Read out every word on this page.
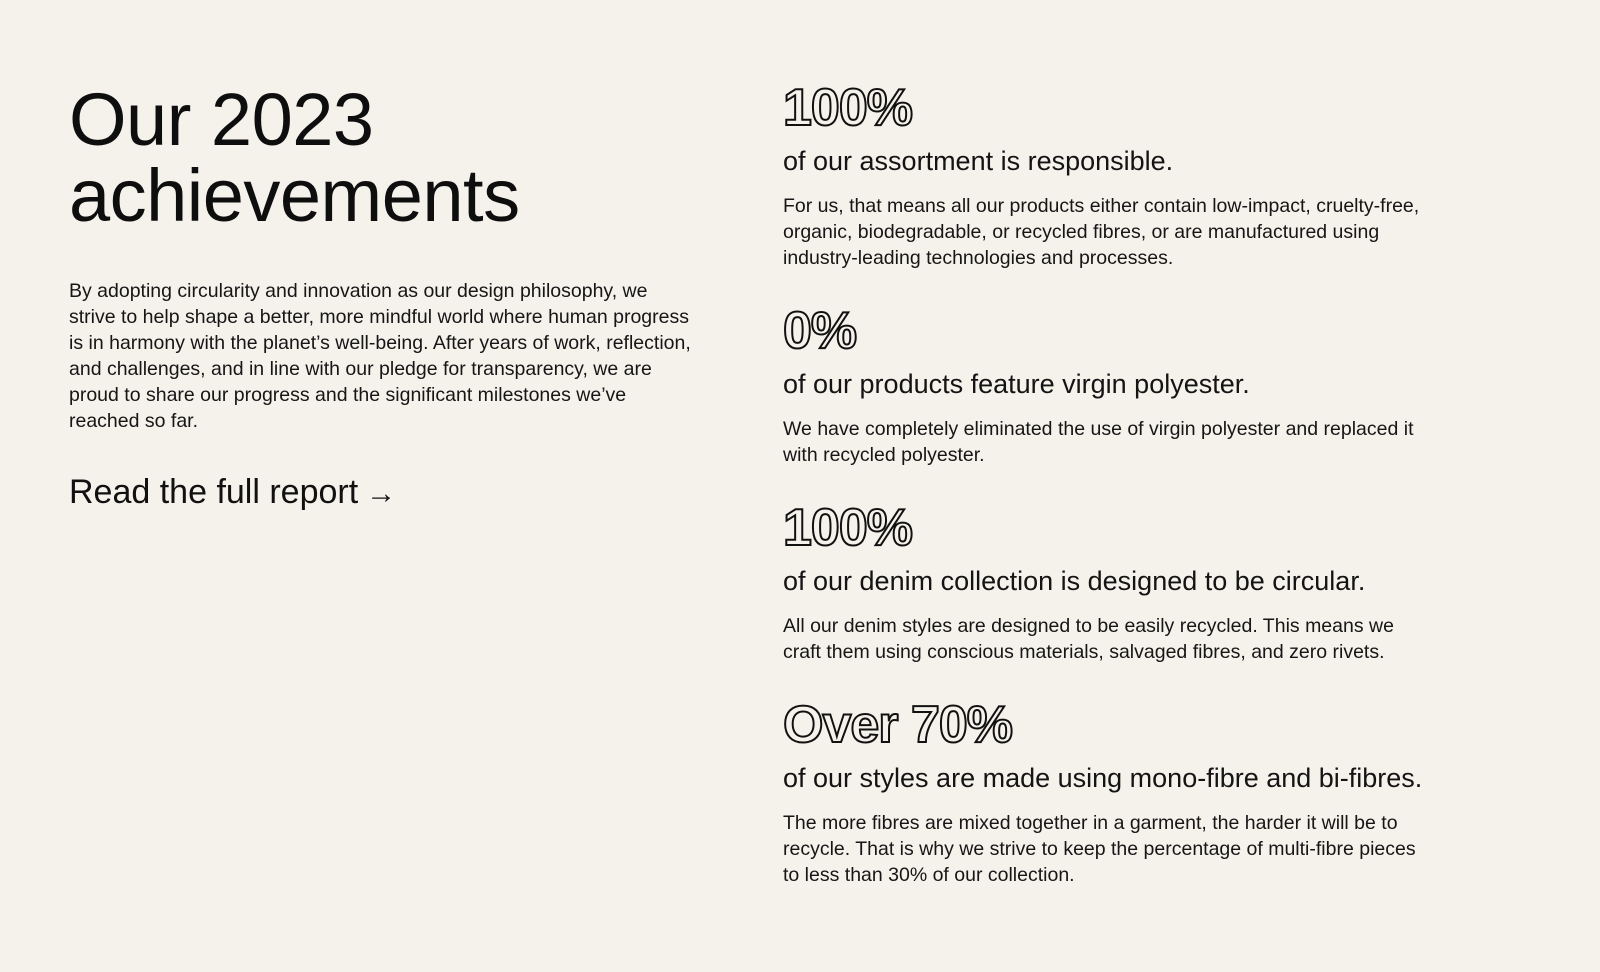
Our 2023
achievements

By adopting circularity and innovation as our design philosophy, we strive to help shape a better, more mindful world where human progress is in harmony with the planet’s well-being. After years of work, reflection, and challenges, and in line with our pledge for transparency, we are proud to share our progress and the significant milestones we’ve reached so far.

Read the full report →

100%

of our assortment is responsible.

For us, that means all our products either contain low-impact, cruelty-free, organic, biodegradable, or recycled fibres, or are manufactured using industry-leading technologies and processes.

0%

of our products feature virgin polyester.

We have completely eliminated the use of virgin polyester and replaced it with recycled polyester.

100%

of our denim collection is designed to be circular.

All our denim styles are designed to be easily recycled. This means we craft them using conscious materials, salvaged fibres, and zero rivets.

Over 70%

of our styles are made using mono-fibre and bi-fibres.

The more fibres are mixed together in a garment, the harder it will be to recycle. That is why we strive to keep the percentage of multi-fibre pieces to less than 30% of our collection.
